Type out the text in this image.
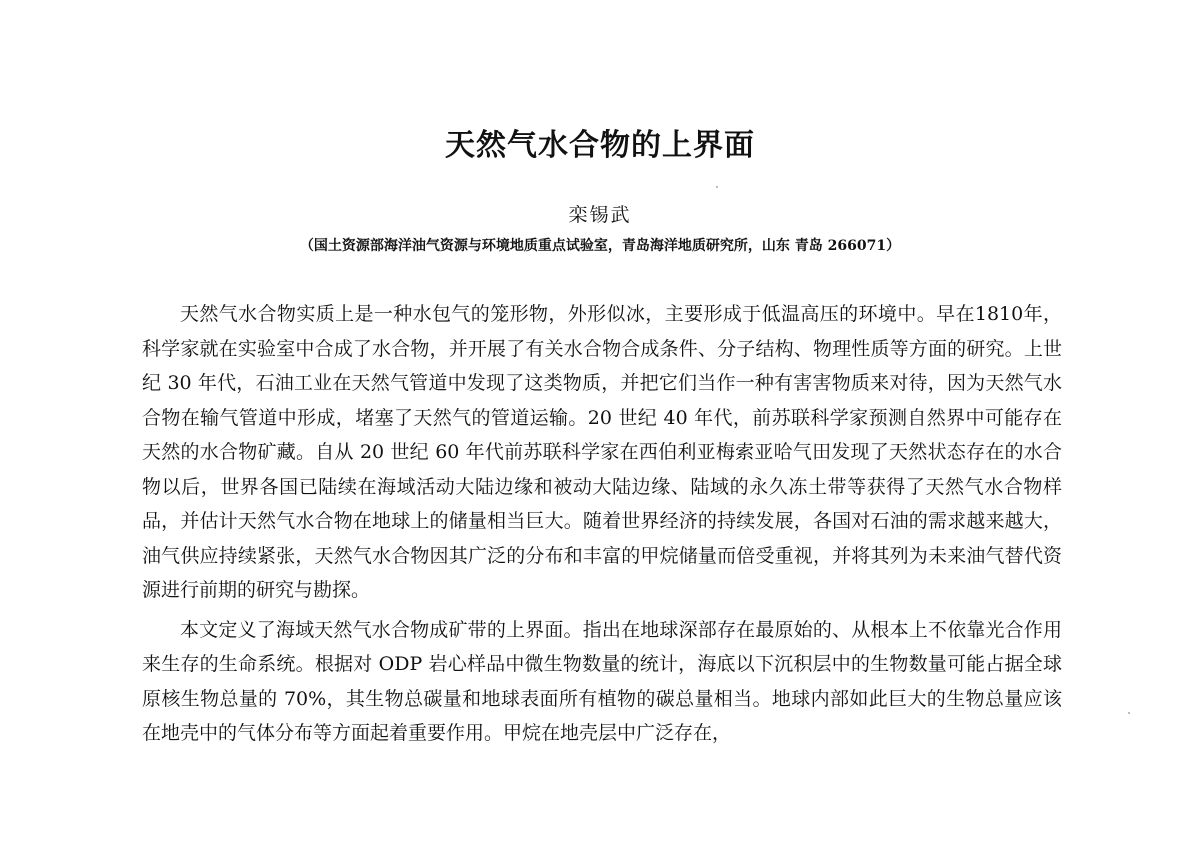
天然气水合物的上界面
栾锡武
（国土资源部海洋油气资源与环境地质重点试验室，青岛海洋地质研究所，山东 青岛 266071）

天然气水合物实质上是一种水包气的笼形物，外形似冰，主要形成于低温高压的环境中。早在1810年，科学家就在实验室中合成了水合物，并开展了有关水合物合成条件、分子结构、物理性质等方面的研究。上世纪 30 年代，石油工业在天然气管道中发现了这类物质，并把它们当作一种有害害物质来对待，因为天然气水合物在输气管道中形成，堵塞了天然气的管道运输。20 世纪 40 年代，前苏联科学家预测自然界中可能存在天然的水合物矿藏。自从 20 世纪 60 年代前苏联科学家在西伯利亚梅索亚哈气田发现了天然状态存在的水合物以后，世界各国已陆续在海域活动大陆边缘和被动大陆边缘、陆域的永久冻土带等获得了天然气水合物样品，并估计天然气水合物在地球上的储量相当巨大。随着世界经济的持续发展，各国对石油的需求越来越大，油气供应持续紧张，天然气水合物因其广泛的分布和丰富的甲烷储量而倍受重视，并将其列为未来油气替代资源进行前期的研究与勘探。

本文定义了海域天然气水合物成矿带的上界面。指出在地球深部存在最原始的、从根本上不依靠光合作用来生存的生命系统。根据对 ODP 岩心样品中微生物数量的统计，海底以下沉积层中的生物数量可能占据全球原核生物总量的 70%，其生物总碳量和地球表面所有植物的碳总量相当。地球内部如此巨大的生物总量应该在地壳中的气体分布等方面起着重要作用。甲烷在地壳层中广泛存在，
